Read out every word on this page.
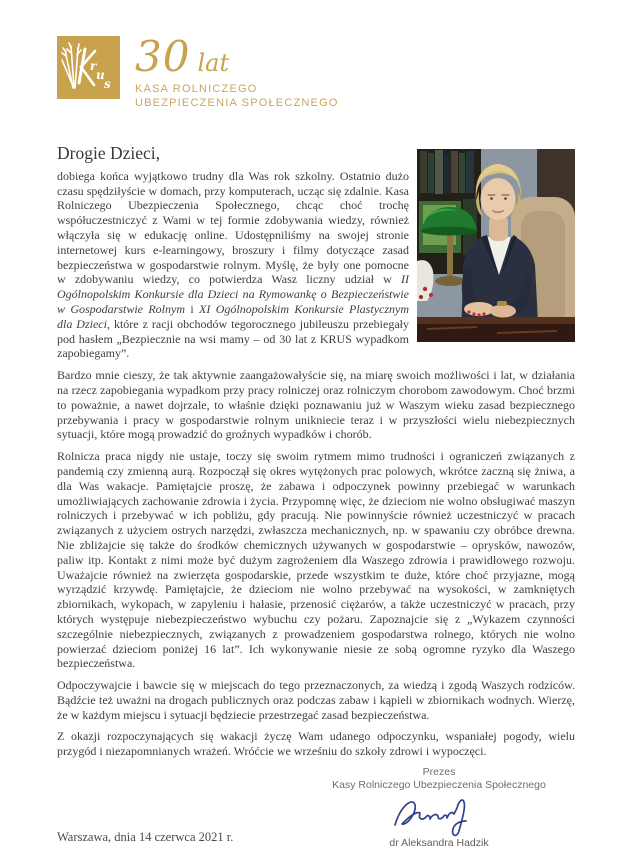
r
u
s
30 lat
KASA ROLNICZEGO
UBEZPIECZENIA SPOŁECZNEGO
Drogie Dzieci,

dobiega końca wyjątkowo trudny dla Was rok szkolny. Ostatnio dużo czasu spędziłyście w domach, przy komputerach, ucząc się zdalnie. Kasa Rolniczego Ubezpieczenia Społecznego, chcąc choć trochę współuczestniczyć z Wami w tej formie zdobywania wiedzy, również włączyła się w edukację online. Udostępniliśmy na swojej stronie internetowej kurs e-learningowy, broszury i filmy dotyczące zasad bezpieczeństwa w gospodarstwie rolnym. Myślę, że były one pomocne w zdobywaniu wiedzy, co potwierdza Wasz liczny udział w II Ogólnopolskim Konkursie dla Dzieci na Rymowankę o Bezpieczeństwie w Gospodarstwie Rolnym i XI Ogólnopolskim Konkursie Plastycznym dla Dzieci, które z racji obchodów tegorocznego jubileuszu przebiegały pod hasłem „Bezpiecznie na wsi mamy – od 30 lat z KRUS wypadkom zapobiegamy”.

Bardzo mnie cieszy, że tak aktywnie zaangażowałyście się, na miarę swoich możliwości i lat, w działania na rzecz zapobiegania wypadkom przy pracy rolniczej oraz rolniczym chorobom zawodowym. Choć brzmi to poważnie, a nawet dojrzale, to właśnie dzięki poznawaniu już w Waszym wieku zasad bezpiecznego przebywania i pracy w gospodarstwie rolnym unikniecie teraz i w przyszłości wielu niebezpiecznych sytuacji, które mogą prowadzić do groźnych wypadków i chorób.

Rolnicza praca nigdy nie ustaje, toczy się swoim rytmem mimo trudności i ograniczeń związanych z pandemią czy zmienną aurą. Rozpoczął się okres wytężonych prac polowych, wkrótce zaczną się żniwa, a dla Was wakacje. Pamiętajcie proszę, że zabawa i odpoczynek powinny przebiegać w warunkach umożliwiających zachowanie zdrowia i życia. Przypomnę więc, że dzieciom nie wolno obsługiwać maszyn rolniczych i przebywać w ich pobliżu, gdy pracują. Nie powinnyście również uczestniczyć w pracach związanych z użyciem ostrych narzędzi, zwłaszcza mechanicznych, np. w spawaniu czy obróbce drewna. Nie zbliżajcie się także do środków chemicznych używanych w gospodarstwie – oprysków, nawozów, paliw itp. Kontakt z nimi może być dużym zagrożeniem dla Waszego zdrowia i prawidłowego rozwoju. Uważajcie również na zwierzęta gospodarskie, przede wszystkim te duże, które choć przyjazne, mogą wyrządzić krzywdę. Pamiętajcie, że dzieciom nie wolno przebywać na wysokości, w zamkniętych zbiornikach, wykopach, w zapyleniu i hałasie, przenosić ciężarów, a także uczestniczyć w pracach, przy których występuje niebezpieczeństwo wybuchu czy pożaru. Zapoznajcie się z „Wykazem czynności szczególnie niebezpiecznych, związanych z prowadzeniem gospodarstwa rolnego, których nie wolno powierzać dzieciom poniżej 16 lat”. Ich wykonywanie niesie ze sobą ogromne ryzyko dla Waszego bezpieczeństwa.

Odpoczywajcie i bawcie się w miejscach do tego przeznaczonych, za wiedzą i zgodą Waszych rodziców. Bądźcie też uważni na drogach publicznych oraz podczas zabaw i kąpieli w zbiornikach wodnych. Wierzę, że w każdym miejscu i sytuacji będziecie przestrzegać zasad bezpieczeństwa.

Z okazji rozpoczynających się wakacji życzę Wam udanego odpoczynku, wspaniałej pogody, wielu przygód i niezapomnianych wrażeń. Wróćcie we wrześniu do szkoły zdrowi i wypoczęci.

Warszawa, dnia 14 czerwca 2021 r.
Prezes
Kasy Rolniczego Ubezpieczenia Społecznego
dr Aleksandra Hadzik
